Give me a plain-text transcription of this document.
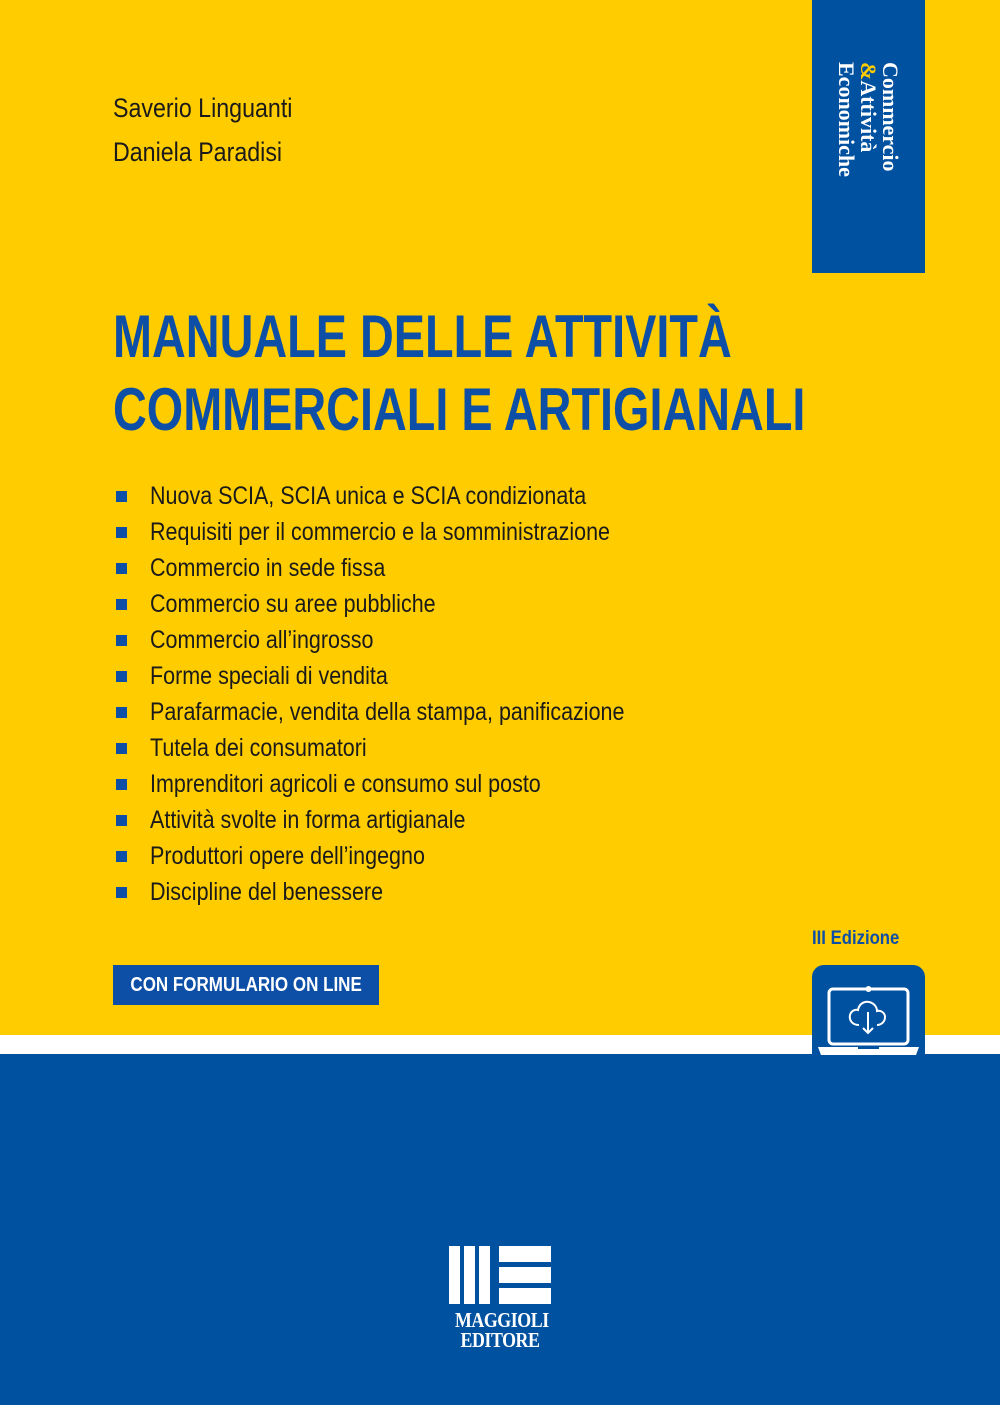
Commercio
&Attività
Economiche
Saverio Linguanti
Daniela Paradisi
MANUALE DELLE ATTIVITÀ
COMMERCIALI E ARTIGIANALI
Nuova SCIA, SCIA unica e SCIA condizionata
Requisiti per il commercio e la somministrazione
Commercio in sede fissa
Commercio su aree pubbliche
Commercio all’ingrosso
Forme speciali di vendita
Parafarmacie, vendita della stampa, panificazione
Tutela dei consumatori
Imprenditori agricoli e consumo sul posto
Attività svolte in forma artigianale
Produttori opere dell’ingegno
Discipline del benessere
III Edizione
CON FORMULARIO ON LINE
MAGGIOLI
EDITORE
